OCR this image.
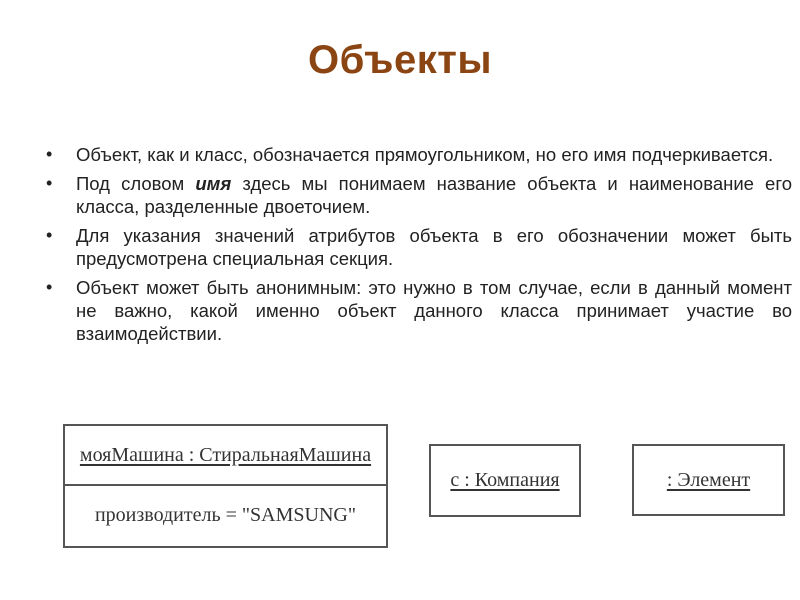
Объекты
• Объект, как и класс, обозначается прямоугольником, но его имя подчеркивается.
• Под словом имя здесь мы понимаем название объекта и наименование его класса, разделенные двоеточием.
• Для указания значений атрибутов объекта в его обозначении может быть предусмотрена специальная секция.
• Объект может быть анонимным: это нужно в том случае, если в данный момент не важно, какой именно объект данного класса принимает участие во взаимодействии.
мояМашина : СтиральнаяМашина
производитель = "SAMSUNG"
с : Компания	: Элемент
